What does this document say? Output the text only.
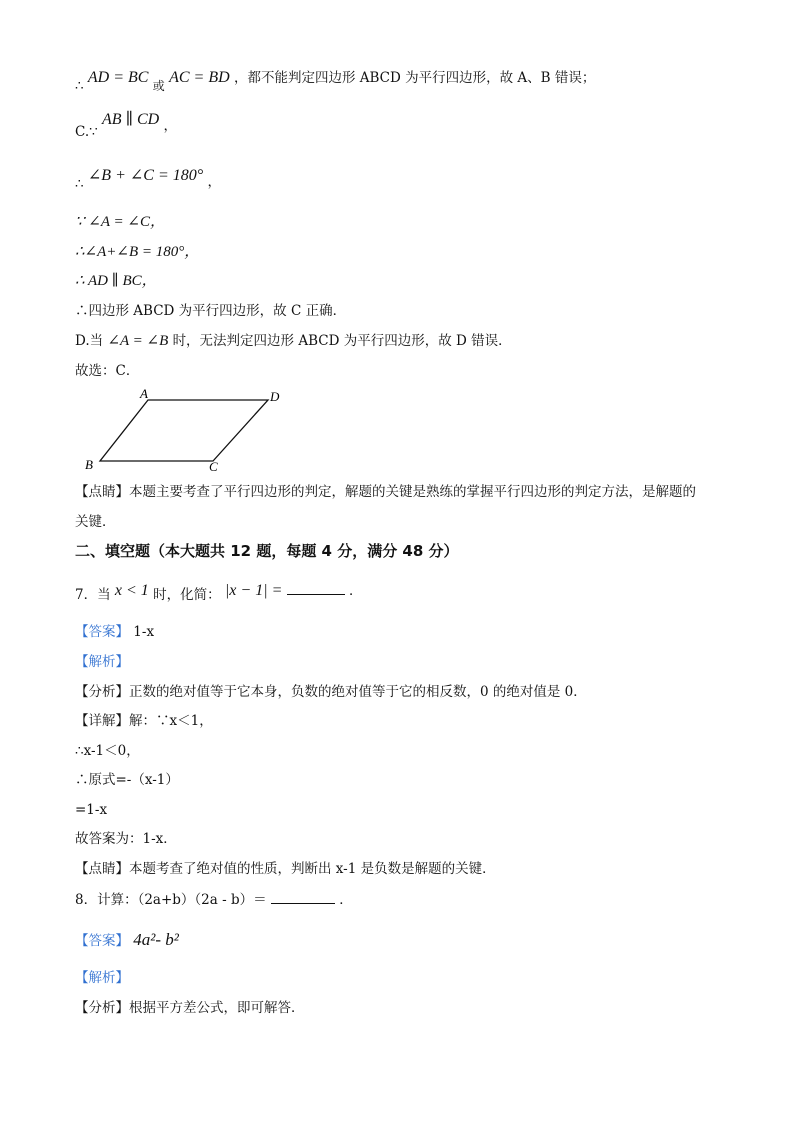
∴ AD = BC 或 AC = BD ，都不能判定四边形 ABCD 为平行四边形，故 A、B 错误；
C.∵ AB ∥ CD ，
∴ ∠B + ∠C = 180° ，
∵ ∠A = ∠C，
∴∠A+∠B = 180°，
∴ AD ∥ BC，
∴四边形 ABCD 为平行四边形，故 C 正确．
D.当 ∠A = ∠B 时，无法判定四边形 ABCD 为平行四边形，故 D 错误．
故选：C．
A	D
B	C
【点睛】本题主要考查了平行四边形的判定，解题的关键是熟练的掌握平行四边形的判定方法，是解题的
关键．
二、填空题（本大题共 12 题，每题 4 分，满分 48 分）
7．当 x < 1 时，化简： |x − 1| =	．
【答案】 1-x
【解析】
【分析】正数的绝对值等于它本身，负数的绝对值等于它的相反数，0 的绝对值是 0．
【详解】解：∵x＜1，
∴x-1＜0，
∴原式=-（x-1）
=1-x
故答案为：1-x．
【点睛】本题考查了绝对值的性质，判断出 x-1 是负数是解题的关键．
8．计算：（2a+b）（2a - b）＝	．
【答案】 4a²- b²
【解析】
【分析】根据平方差公式，即可解答．
